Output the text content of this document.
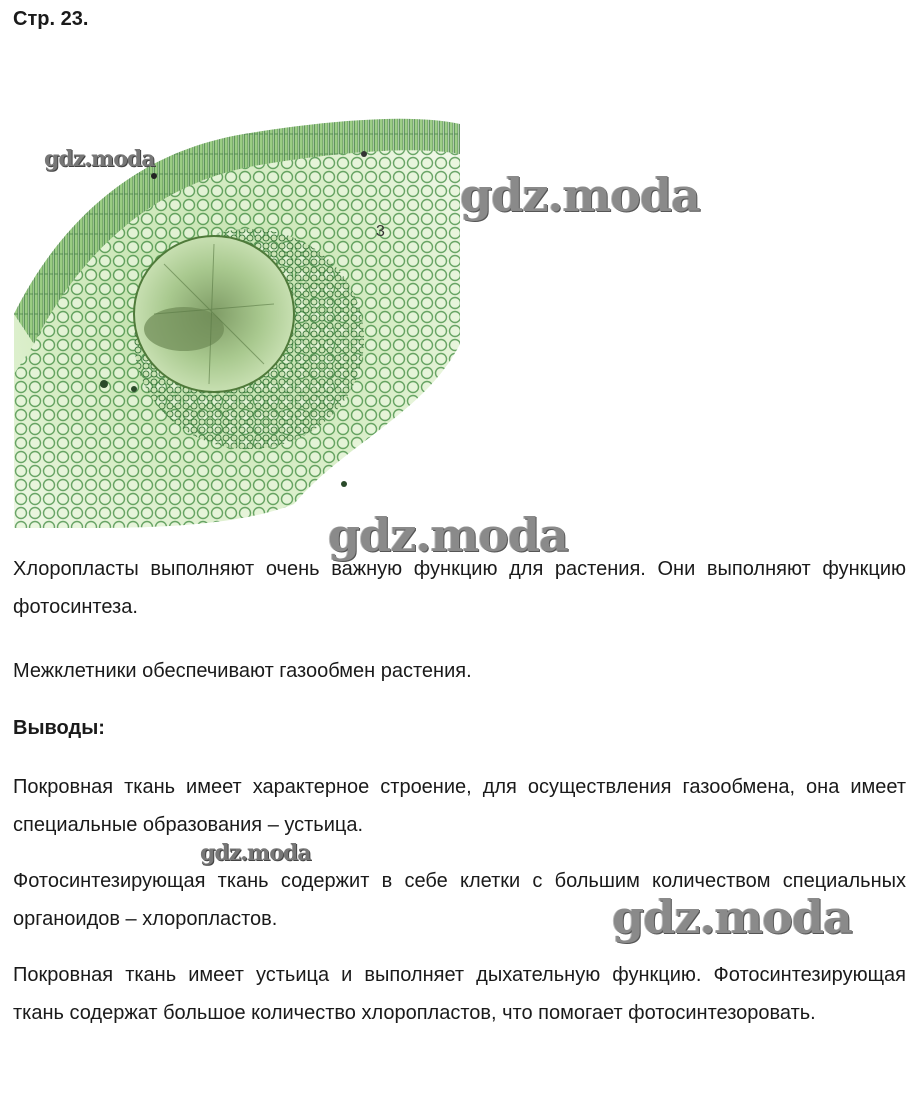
Стр. 23.
3
gdz.moda
gdz.moda
gdz.moda
gdz.moda
gdz.moda

Хлоропласты выполняют очень важную функцию для растения. Они выполняют функцию фотосинтеза.

Межклетники обеспечивают газообмен растения.

Выводы:

Покровная ткань имеет характерное строение, для осуществления газообмена, она имеет специальные образования – устьица.

Фотосинтезирующая ткань содержит в себе клетки с большим количеством специальных органоидов – хлоропластов.

Покровная ткань имеет устьица и выполняет дыхательную функцию. Фотосинтезирующая ткань содержат большое количество хлоропластов, что помогает фотосинтезоровать.
